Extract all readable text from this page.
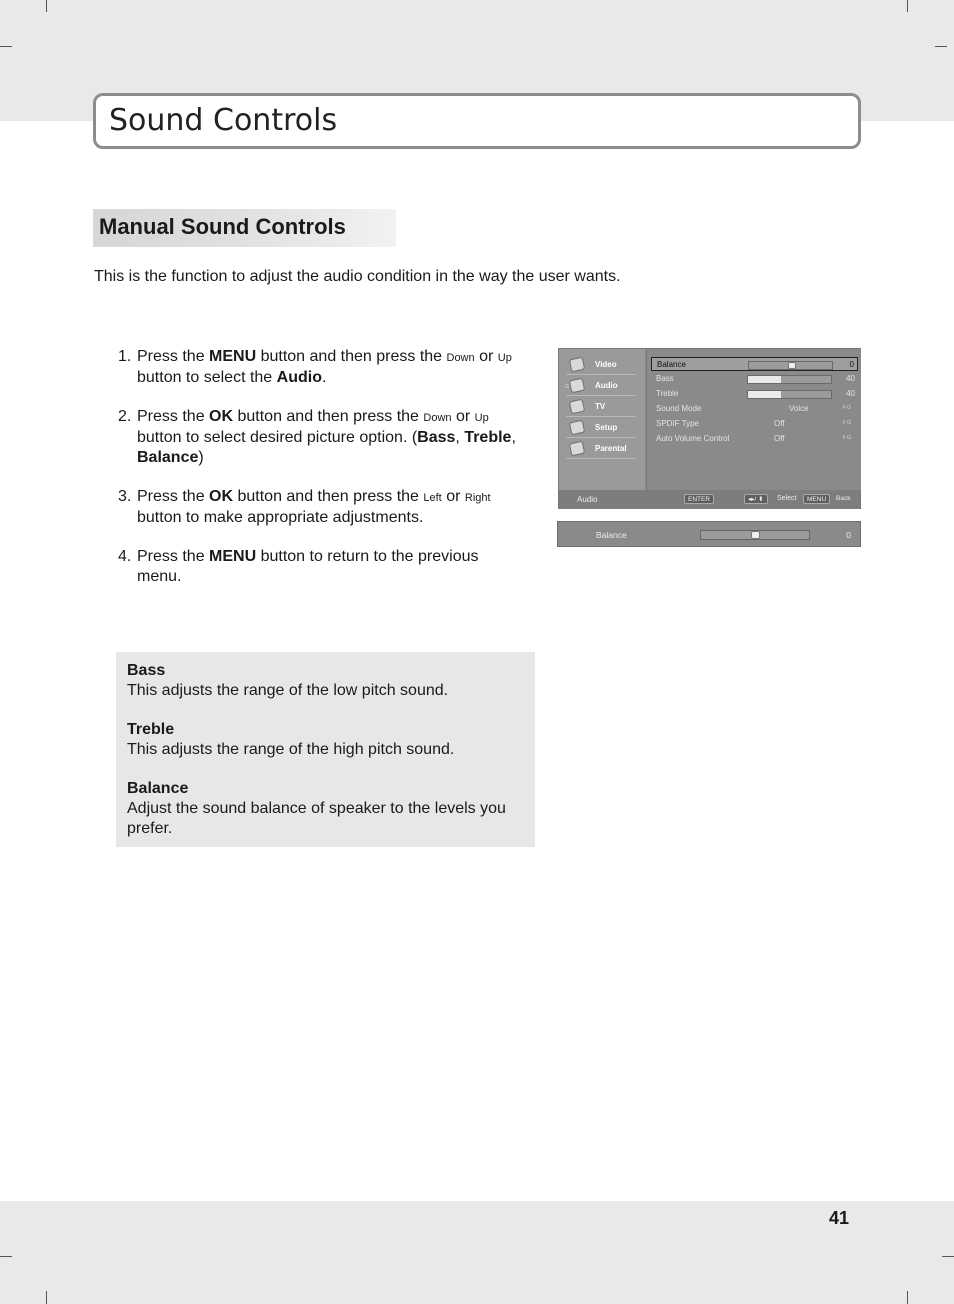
Sound Controls
Manual Sound Controls

This is the function to adjust the audio condition in the way the user wants.

1. Press the MENU button and then press the Down or Up button to select the Audio.
2. Press the OK button and then press the Down or Up button to select desired picture option. (Bass, Treble, Balance)
3. Press the OK button and then press the Left or Right button to make appropriate adjustments.
4. Press the MENU button to return to the previous menu.
Bass
This adjusts the range of the low pitch sound.
Treble
This adjusts the range of the high pitch sound.
Balance
Adjust the sound balance of speaker to the levels you prefer.
G
Video
Audio
TV
Setup
Parental
Balance	0
Bass	40
Treble	40
Sound Mode	Voice	F G
SPDIF Type	Off	F G
Auto Volume Control	Off	F G
Audio	ENTER	◂▸/ ⬍	Select	MENU	Back
Balance	0
41
